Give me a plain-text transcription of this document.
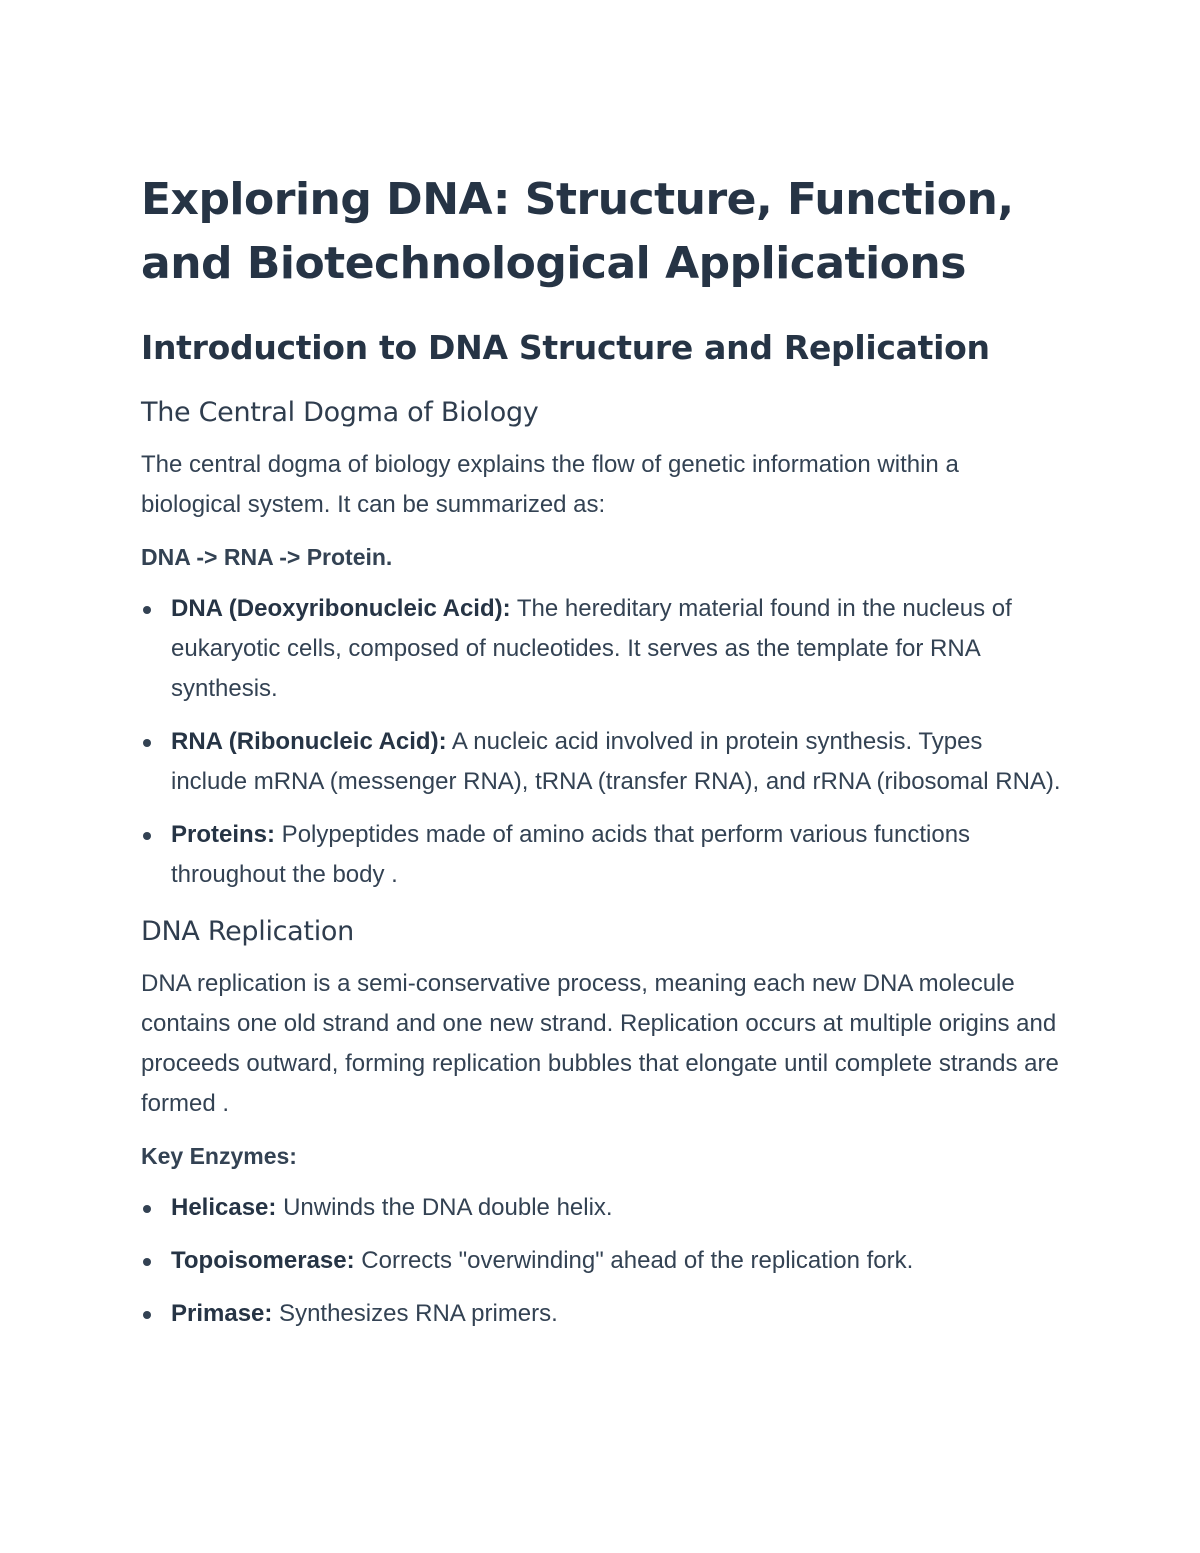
Exploring DNA: Structure, Function, and Biotechnological Applications
Introduction to DNA Structure and Replication
The Central Dogma of Biology

The central dogma of biology explains the flow of genetic information within a biological system. It can be summarized as:

DNA -> RNA -> Protein.

DNA (Deoxyribonucleic Acid): The hereditary material found in the nucleus of eukaryotic cells, composed of nucleotides. It serves as the template for RNA synthesis.
RNA (Ribonucleic Acid): A nucleic acid involved in protein synthesis. Types include mRNA (messenger RNA), tRNA (transfer RNA), and rRNA (ribosomal RNA).
Proteins: Polypeptides made of amino acids that perform various functions throughout the body .
DNA Replication

DNA replication is a semi-conservative process, meaning each new DNA molecule contains one old strand and one new strand. Replication occurs at multiple origins and proceeds outward, forming replication bubbles that elongate until complete strands are formed .

Key Enzymes:

Helicase: Unwinds the DNA double helix.
Topoisomerase: Corrects "overwinding" ahead of the replication fork.
Primase: Synthesizes RNA primers.
